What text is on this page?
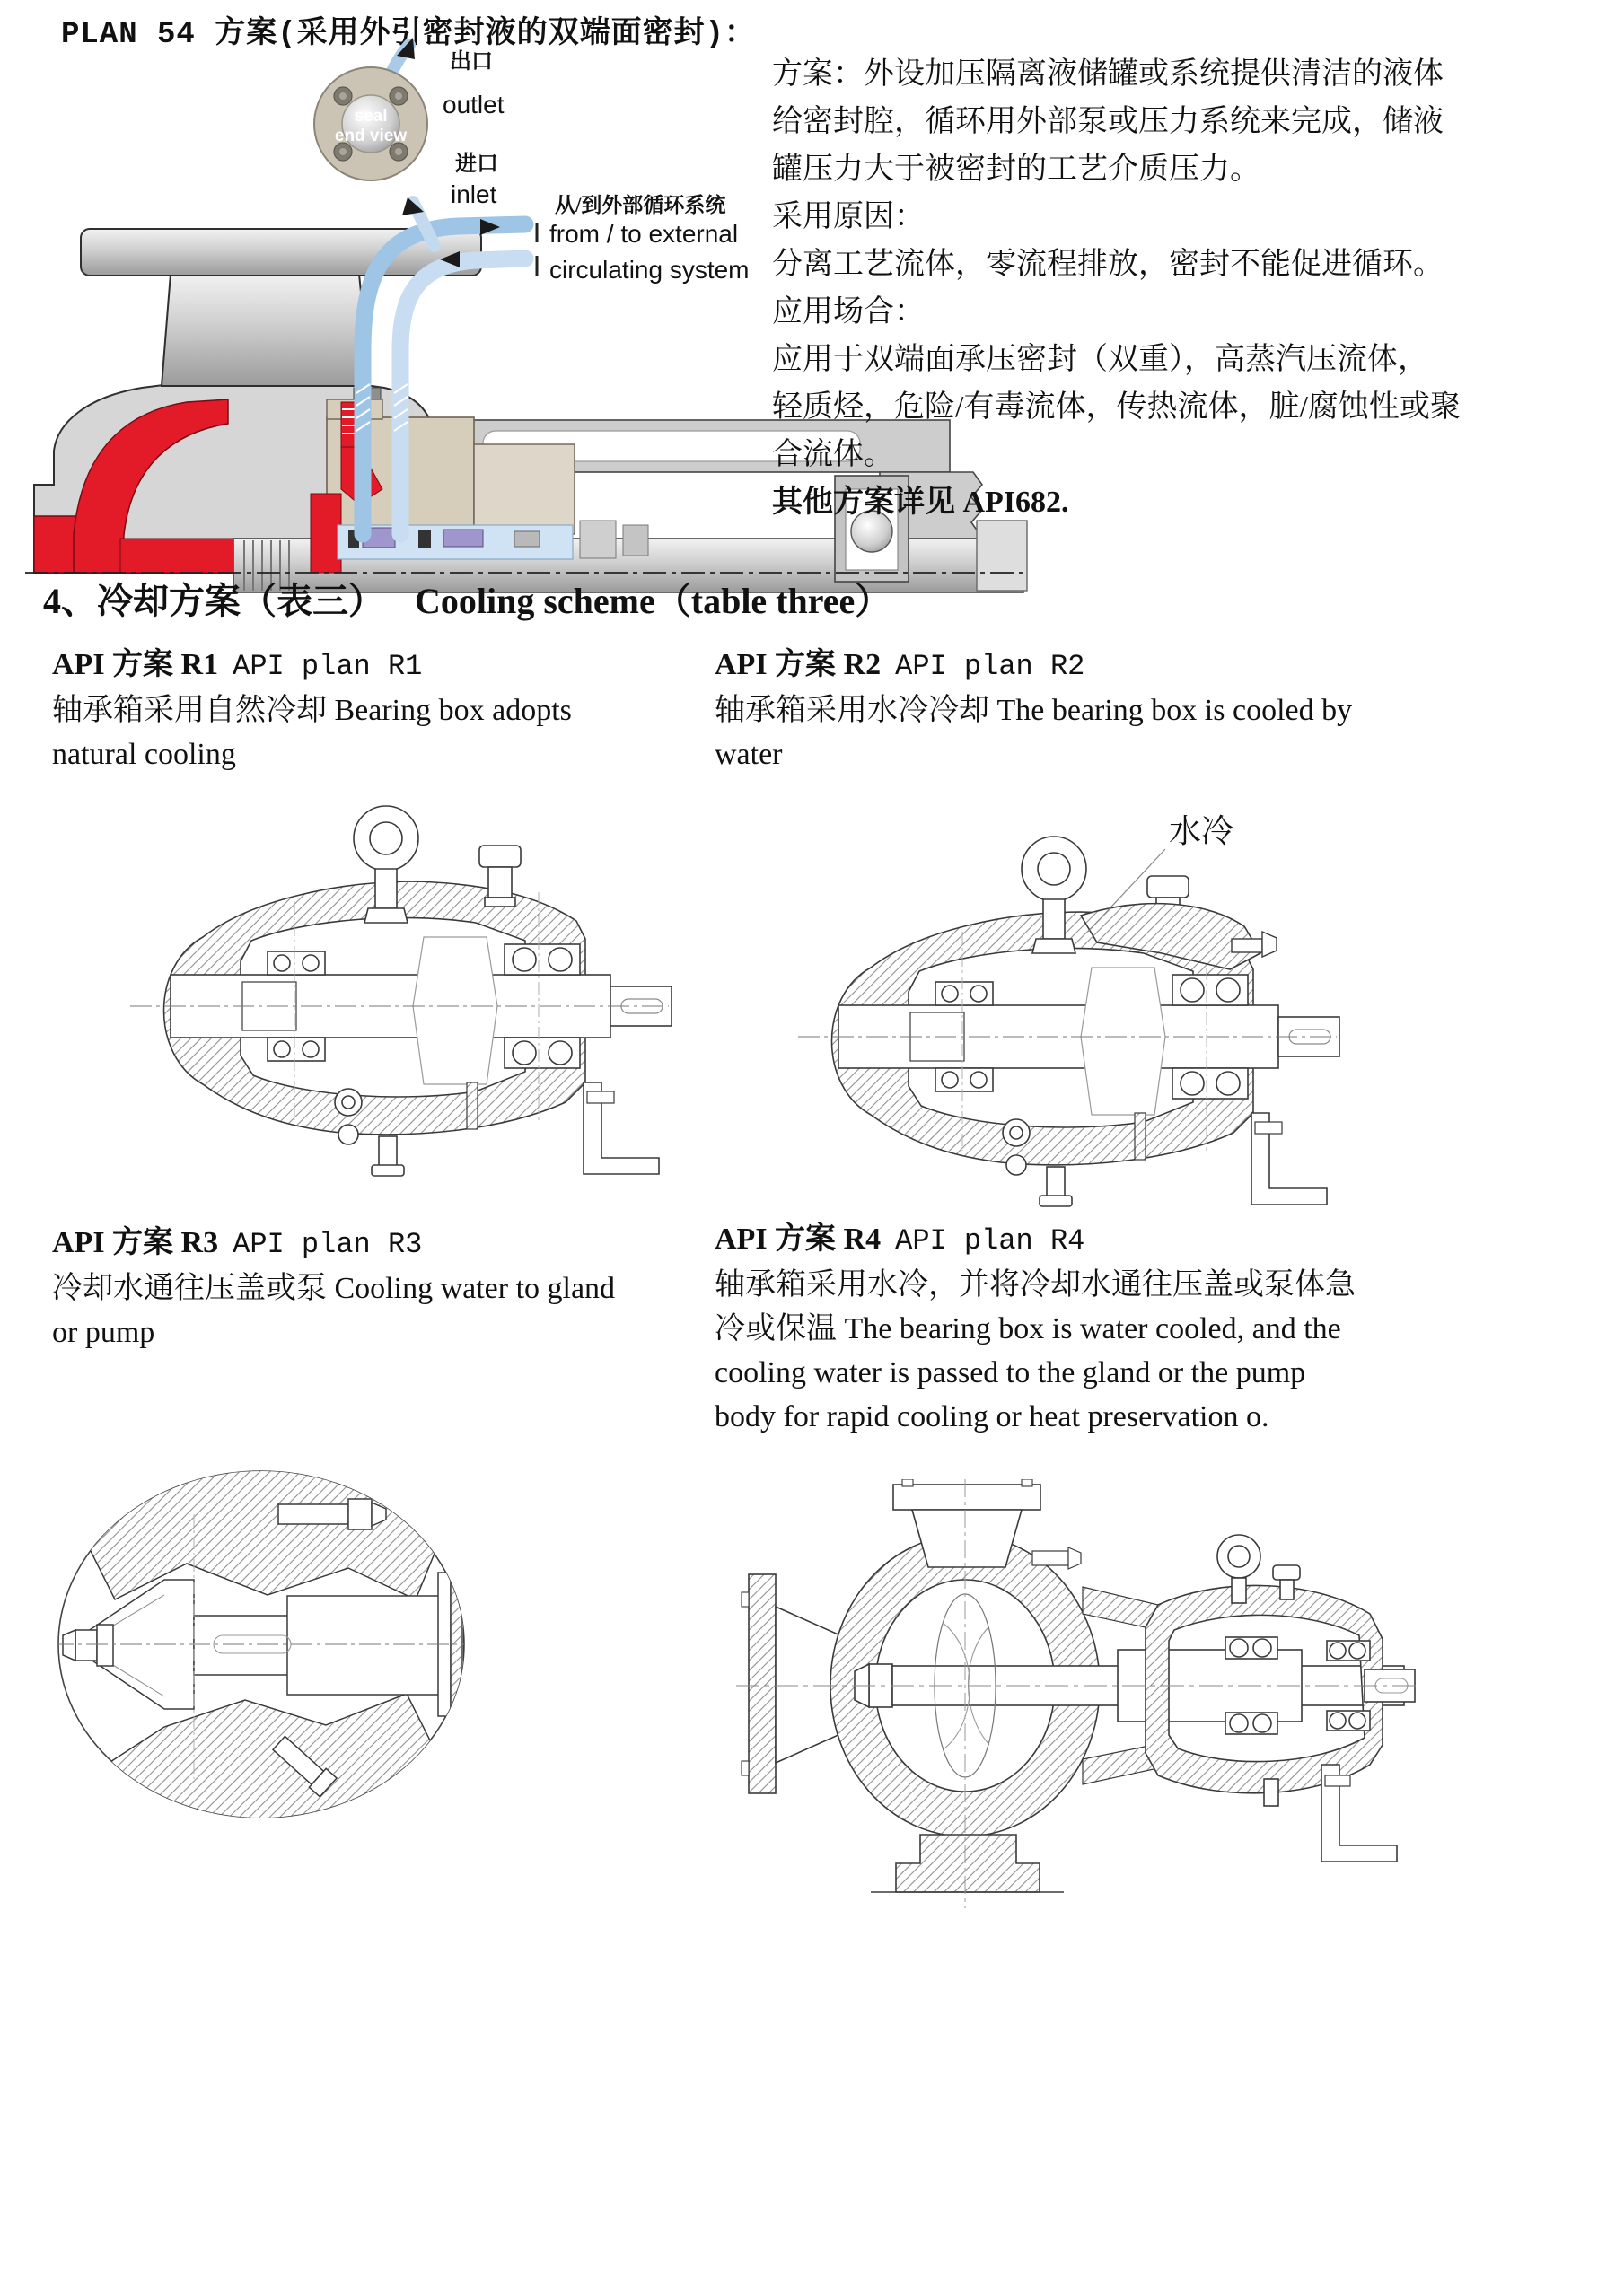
PLAN 54 方案(采用外引密封液的双端面密封)：
seal
end view
出口
outlet
进口
inlet	从/到外部循环系统
from / to external
circulating system
方案：外设加压隔离液储罐或系统提供清洁的液体
给密封腔，循环用外部泵或压力系统来完成，储液
罐压力大于被密封的工艺介质压力。
采用原因：
分离工艺流体，零流程排放，密封不能促进循环。
应用场合：
应用于双端面承压密封（双重），高蒸汽压流体，
轻质烃，危险/有毒流体，传热流体，脏/腐蚀性或聚
合流体。
其他方案详见 API682.
4、冷却方案（表三） Cooling scheme（table three）
API 方案 R1 API plan R1
轴承箱采用自然冷却 Bearing box adopts
natural cooling
API 方案 R2 API plan R2
轴承箱采用水冷冷却 The bearing box is cooled by
water
水冷
API 方案 R3 API plan R3
冷却水通往压盖或泵 Cooling water to gland
or pump
API 方案 R4 API plan R4
轴承箱采用水冷，并将冷却水通往压盖或泵体急
冷或保温 The bearing box is water cooled, and the
cooling water is passed to the gland or the pump
body for rapid cooling or heat preservation o.
